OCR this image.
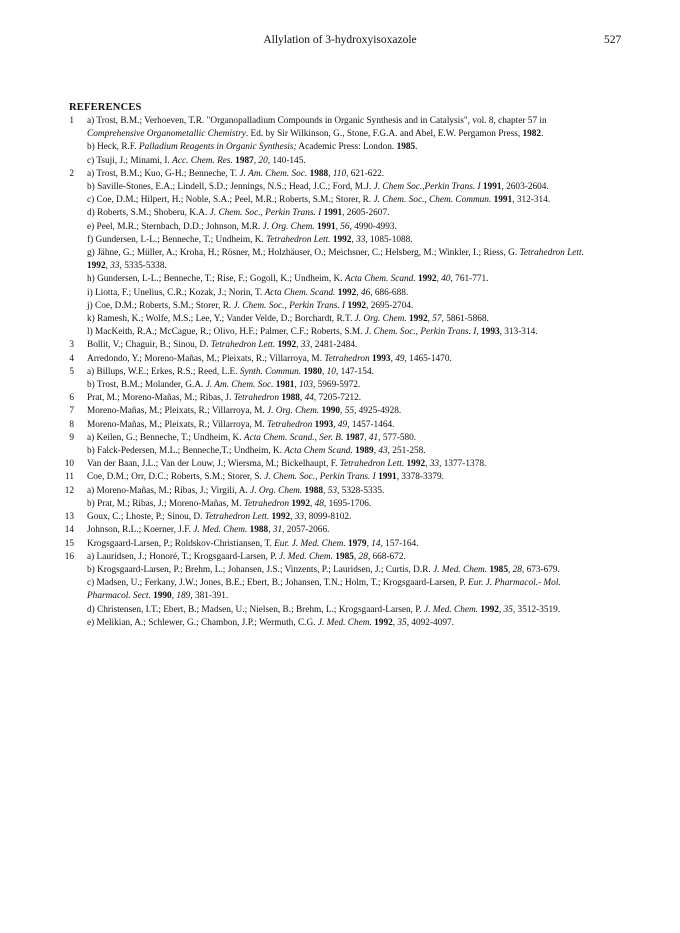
Allylation of 3-hydroxyisoxazole	527
REFERENCES
1 a) Trost, B.M.; Verhoeven, T.R. "Organopalladium Compounds in Organic Synthesis and in Catalysis", vol. 8, chapter 57 in Comprehensive Organometallic Chemistry. Ed. by Sir Wilkinson, G., Stone, F.G.A. and Abel, E.W. Pergamon Press, 1982.
b) Heck, R.F. Palladium Reagents in Organic Synthesis; Academic Press: London. 1985.
c) Tsuji, J.; Minami, I. Acc. Chem. Res. 1987, 20, 140-145.
2 a) Trost, B.M.; Kuo, G-H.; Benneche, T. J. Am. Chem. Soc. 1988, 110, 621-622.
b) Saville-Stones, E.A.; Lindell, S.D.; Jennings, N.S.; Head, J.C.; Ford, M.J. J. Chem Soc.,Perkin Trans. I 1991, 2603-2604.
c) Coe, D.M.; Hilpert, H.; Noble, S.A.; Peel, M.R.; Roberts, S.M.; Storer, R. J. Chem. Soc., Chem. Commun. 1991, 312-314.
d) Roberts, S.M.; Shoberu, K.A. J. Chem. Soc., Perkin Trans. I 1991, 2605-2607.
e) Peel, M.R.; Sternbach, D.D.; Johnson, M.R. J. Org. Chem. 1991, 56, 4990-4993.
f) Gundersen, L-L.; Benneche, T.; Undheim, K. Tetrahedron Lett. 1992, 33, 1085-1088.
g) Jähne, G.; Müller, A.; Kroha, H.; Rösner, M.; Holzhäuser, O.; Meichsner, C.; Helsberg, M.; Winkler, I.; Riess, G. Tetrahedron Lett. 1992, 33, 5335-5338.
h) Gundersen, L-L.; Benneche, T.; Rise, F.; Gogoll, K.; Undheim, K. Acta Chem. Scand. 1992, 40, 761-771.
i) Liotta, F.; Unelius, C.R.; Kozak, J.; Norin, T. Acta Chem. Scand. 1992, 46, 686-688.
j) Coe, D.M.; Roberts, S.M.; Storer, R. J. Chem. Soc., Perkin Trans. I 1992, 2695-2704.
k) Ramesh, K.; Wolfe, M.S.; Lee, Y.; Vander Velde, D.; Borchardt, R.T. J. Org. Chem. 1992, 57, 5861-5868.
l) MacKeith, R.A.; McCague, R.; Olivo, H.F.; Palmer, C.F.; Roberts, S.M. J. Chem. Soc., Perkin Trans. I, 1993, 313-314.
3 Bollit, V.; Chaguir, B.; Sinou, D. Tetrahedron Lett. 1992, 33, 2481-2484.
4 Arredondo, Y.; Moreno-Mañas, M.; Pleixats, R.; Villarroya, M. Tetrahedron 1993, 49, 1465-1470.
5 a) Billups, W.E.; Erkes, R.S.; Reed, L.E. Synth. Commun. 1980, 10, 147-154.
b) Trost, B.M.; Molander, G.A. J. Am. Chem. Soc. 1981, 103, 5969-5972.
6 Prat, M.; Moreno-Mañas, M.; Ribas, J. Tetrahedron 1988, 44, 7205-7212.
7 Moreno-Mañas, M.; Pleixats, R.; Villarroya, M. J. Org. Chem. 1990, 55, 4925-4928.
8 Moreno-Mañas, M.; Pleixats, R.; Villarroya, M. Tetrahedron 1993, 49, 1457-1464.
9 a) Keilen, G.; Benneche, T.; Undheim, K. Acta Chem. Scand., Ser. B. 1987, 41, 577-580.
b) Falck-Pedersen, M.L.; Benneche,T.; Undheim, K. Acta Chem Scand. 1989, 43, 251-258.
10 Van der Baan, J.L.; Van der Louw, J.; Wiersma, M.; Bickelhaupt, F. Tetrahedron Lett. 1992, 33, 1377-1378.
11 Coe, D.M.; Orr, D.C.; Roberts, S.M.; Storer, S. J. Chem. Soc., Perkin Trans. I 1991, 3378-3379.
12 a) Moreno-Mañas, M.; Ribas, J.; Virgili, A. J. Org. Chem. 1988, 53, 5328-5335.
b) Prat, M.; Ribas, J.; Moreno-Mañas, M. Tetrahedron 1992, 48, 1695-1706.
13 Goux, C.; Lhoste, P.; Sinou, D. Tetrahedron Lett. 1992, 33, 8099-8102.
14 Johnson, R.L.; Koerner, J.F. J. Med. Chem. 1988, 31, 2057-2066.
15 Krogsgaard-Larsen, P.; Roldskov-Christiansen, T. Eur. J. Med. Chem. 1979, 14, 157-164.
16 a) Lauridsen, J.; Honoré, T.; Krogsgaard-Larsen, P. J. Med. Chem. 1985, 28, 668-672.
b) Krogsgaard-Larsen, P.; Brehm, L.; Johansen, J.S.; Vinzents, P.; Lauridsen, J.; Curtis, D.R. J. Med. Chem. 1985, 28, 673-679.
c) Madsen, U.; Ferkany, J.W.; Jones, B.E.; Ebert, B.; Johansen, T.N.; Holm, T.; Krogsgaard-Larsen, P. Eur. J. Pharmacol.- Mol. Pharmacol. Sect. 1990, 189, 381-391.
d) Christensen, I.T.; Ebert, B.; Madsen, U.; Nielsen, B.; Brehm, L.; Krogsgaard-Larsen, P. J. Med. Chem. 1992, 35, 3512-3519.
e) Melikian, A.; Schlewer, G.; Chambon, J.P.; Wermuth, C.G. J. Med. Chem. 1992, 35, 4092-4097.
